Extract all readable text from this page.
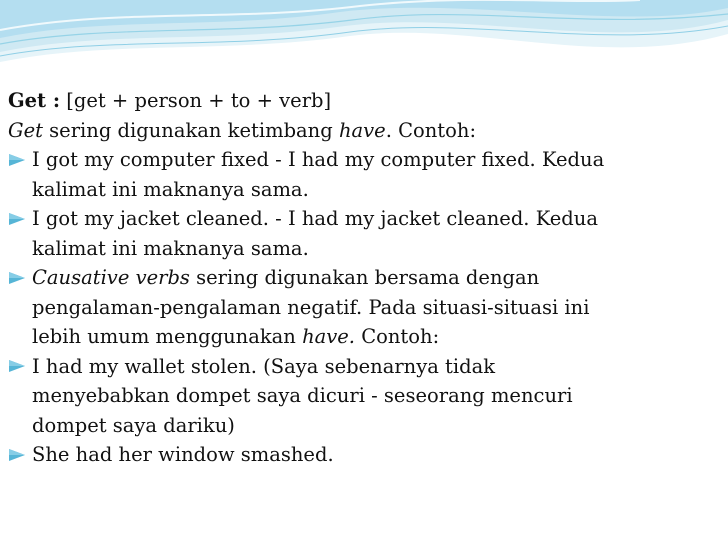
Get : [get + person + to + verb]

Get sering digunakan ketimbang have. Contoh:

I got my computer fixed - I had my computer fixed. Kedua
kalimat ini maknanya sama.
I got my jacket cleaned. - I had my jacket cleaned. Kedua
kalimat ini maknanya sama.
Causative verbs sering digunakan bersama dengan
pengalaman-pengalaman negatif. Pada situasi-situasi ini
lebih umum menggunakan have. Contoh:
I had my wallet stolen. (Saya sebenarnya tidak
menyebabkan dompet saya dicuri - seseorang mencuri
dompet saya dariku)
She had her window smashed.
